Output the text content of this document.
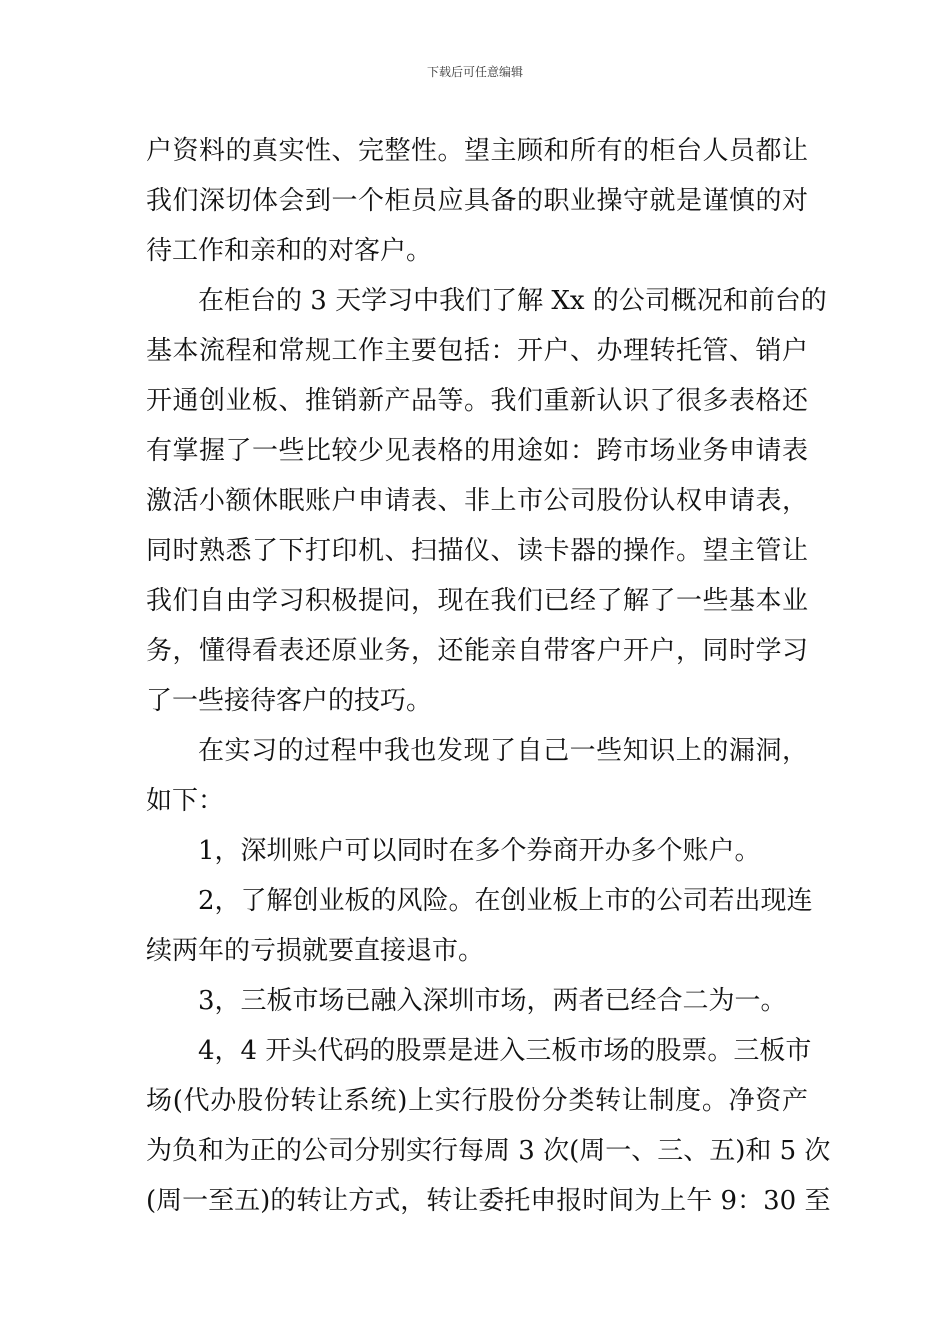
下载后可任意编辑
户资料的真实性、完整性。望主顾和所有的柜台人员都让
我们深切体会到一个柜员应具备的职业操守就是谨慎的对
待工作和亲和的对客户。
在柜台的 3 天学习中我们了解 Xx 的公司概况和前台的
基本流程和常规工作主要包括：开户、办理转托管、销户
开通创业板、推销新产品等。我们重新认识了很多表格还
有掌握了一些比较少见表格的用途如：跨市场业务申请表
激活小额休眠账户申请表、非上市公司股份认权申请表，
同时熟悉了下打印机、扫描仪、读卡器的操作。望主管让
我们自由学习积极提问，现在我们已经了解了一些基本业
务，懂得看表还原业务，还能亲自带客户开户，同时学习
了一些接待客户的技巧。
在实习的过程中我也发现了自己一些知识上的漏洞，
如下：
1，深圳账户可以同时在多个券商开办多个账户。
2，了解创业板的风险。在创业板上市的公司若出现连
续两年的亏损就要直接退市。
3，三板市场已融入深圳市场，两者已经合二为一。
4，4 开头代码的股票是进入三板市场的股票。三板市
场(代办股份转让系统)上实行股份分类转让制度。净资产
为负和为正的公司分别实行每周 3 次(周一、三、五)和 5 次
(周一至五)的转让方式，转让委托申报时间为上午 9：30 至
